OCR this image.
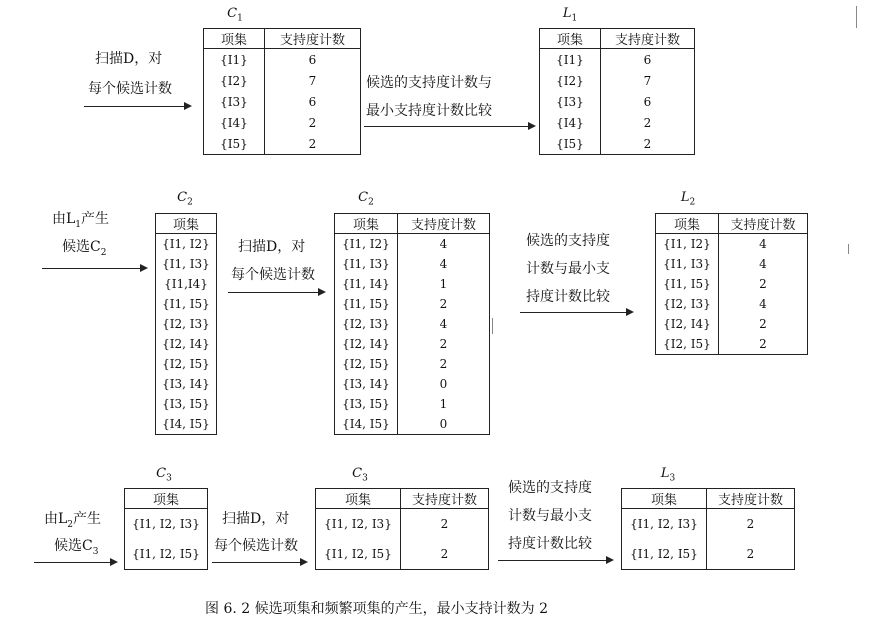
扫描D，对
每个候选计数
$C_1$
项集	支持度计数
{I1}	6
{I2}	7
{I3}	6
{I4}	2
{I5}	2
候选的支持度计数与
最小支持度计数比较
$L_1$
项集	支持度计数
{I1}	6
{I2}	7
{I3}	6
{I4}	2
{I5}	2
由$L_1$产生
候选$C_2$
$C_2$
项集
{I1, I2}
{I1, I3}
{I1,I4}
{I1, I5}
{I2, I3}
{I2, I4}
{I2, I5}
{I3, I4}
{I3, I5}
{I4, I5}
扫描D，对
每个候选计数
$C_2$
项集	支持度计数
{I1, I2}	4
{I1, I3}	4
{I1, I4}	1
{I1, I5}	2
{I2, I3}	4
{I2, I4}	2
{I2, I5}	2
{I3, I4}	0
{I3, I5}	1
{I4, I5}	0
候选的支持度
计数与最小支
持度计数比较
$L_2$
项集	支持度计数
{I1, I2}	4
{I1, I3}	4
{I1, I5}	2
{I2, I3}	4
{I2, I4}	2
{I2, I5}	2
由$L_2$产生
候选$C_3$
$C_3$
项集
{I1, I2, I3}
{I1, I2, I5}
扫描D，对
每个候选计数
$C_3$
项集	支持度计数
{I1, I2, I3}	2
{I1, I2, I5}	2
候选的支持度
计数与最小支
持度计数比较
$L_3$
项集	支持度计数
{I1, I2, I3}	2
{I1, I2, I5}	2
图 6. 2 候选项集和频繁项集的产生，最小支持计数为 2
